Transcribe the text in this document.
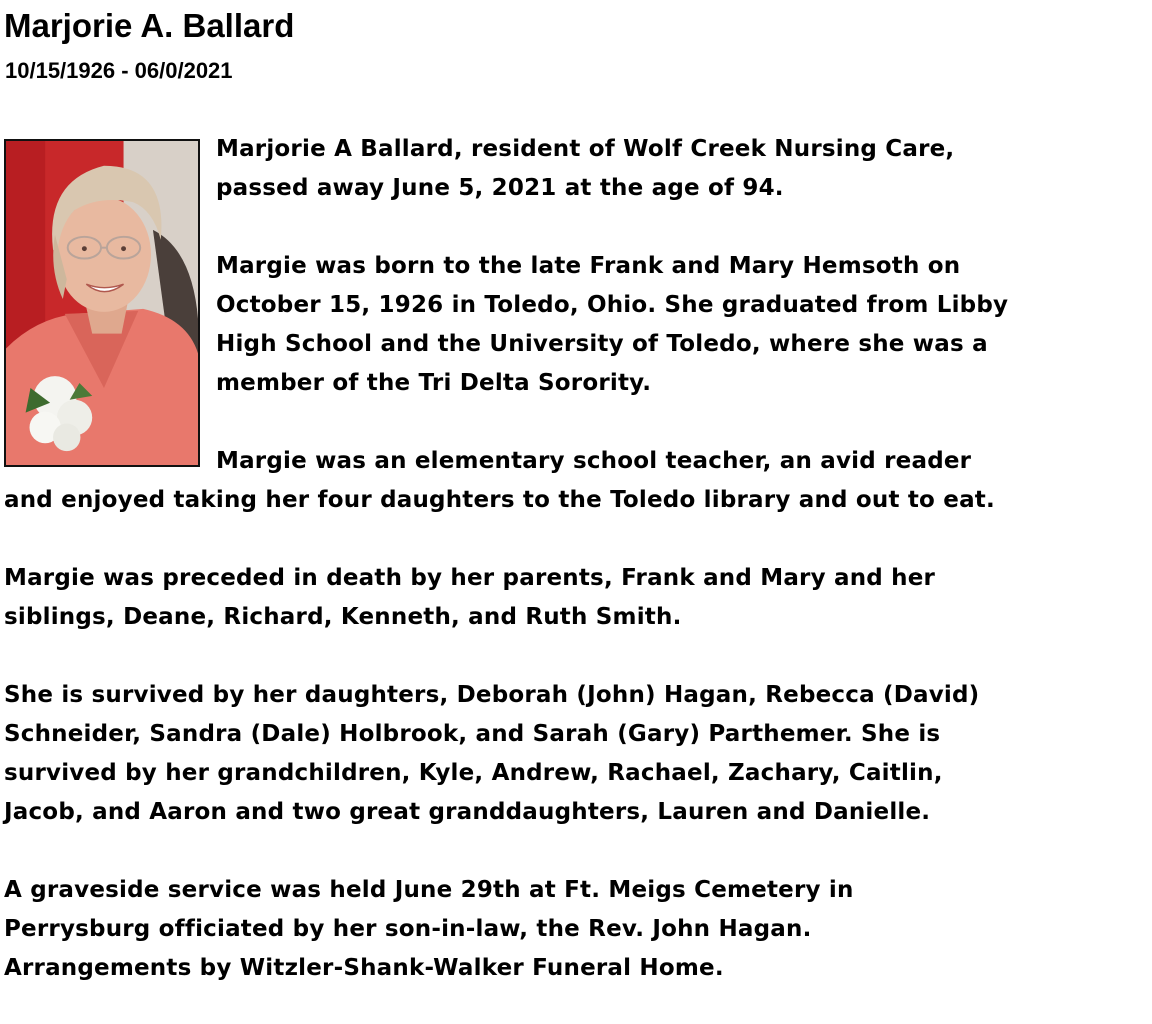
Marjorie A. Ballard
10/15/1926 - 06/0/2021
Marjorie A Ballard, resident of Wolf Creek Nursing Care,
passed away June 5, 2021 at the age of 94.
Margie was born to the late Frank and Mary Hemsoth on
October 15, 1926 in Toledo, Ohio. She graduated from Libby
High School and the University of Toledo, where she was a
member of the Tri Delta Sorority.
Margie was an elementary school teacher, an avid reader
and enjoyed taking her four daughters to the Toledo library and out to eat.
Margie was preceded in death by her parents, Frank and Mary and her
siblings, Deane, Richard, Kenneth, and Ruth Smith.
She is survived by her daughters, Deborah (John) Hagan, Rebecca (David)
Schneider, Sandra (Dale) Holbrook, and Sarah (Gary) Parthemer. She is
survived by her grandchildren, Kyle, Andrew, Rachael, Zachary, Caitlin,
Jacob, and Aaron and two great granddaughters, Lauren and Danielle.
A graveside service was held June 29th at Ft. Meigs Cemetery in
Perrysburg officiated by her son-in-law, the Rev. John Hagan.
Arrangements by Witzler-Shank-Walker Funeral Home.
